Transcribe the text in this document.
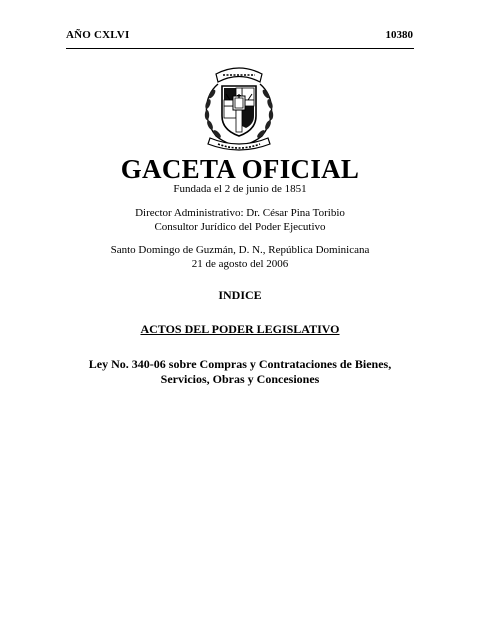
AÑO CXLVI	10380
GACETA OFICIAL
Fundada el 2 de junio de 1851
Director Administrativo: Dr. César Pina Toribio
Consultor Jurídico del Poder Ejecutivo
Santo Domingo de Guzmán, D. N., República Dominicana
21 de agosto del 2006
INDICE
ACTOS DEL PODER LEGISLATIVO
Ley No. 340-06 sobre Compras y Contrataciones de Bienes,
Servicios, Obras y Concesiones
